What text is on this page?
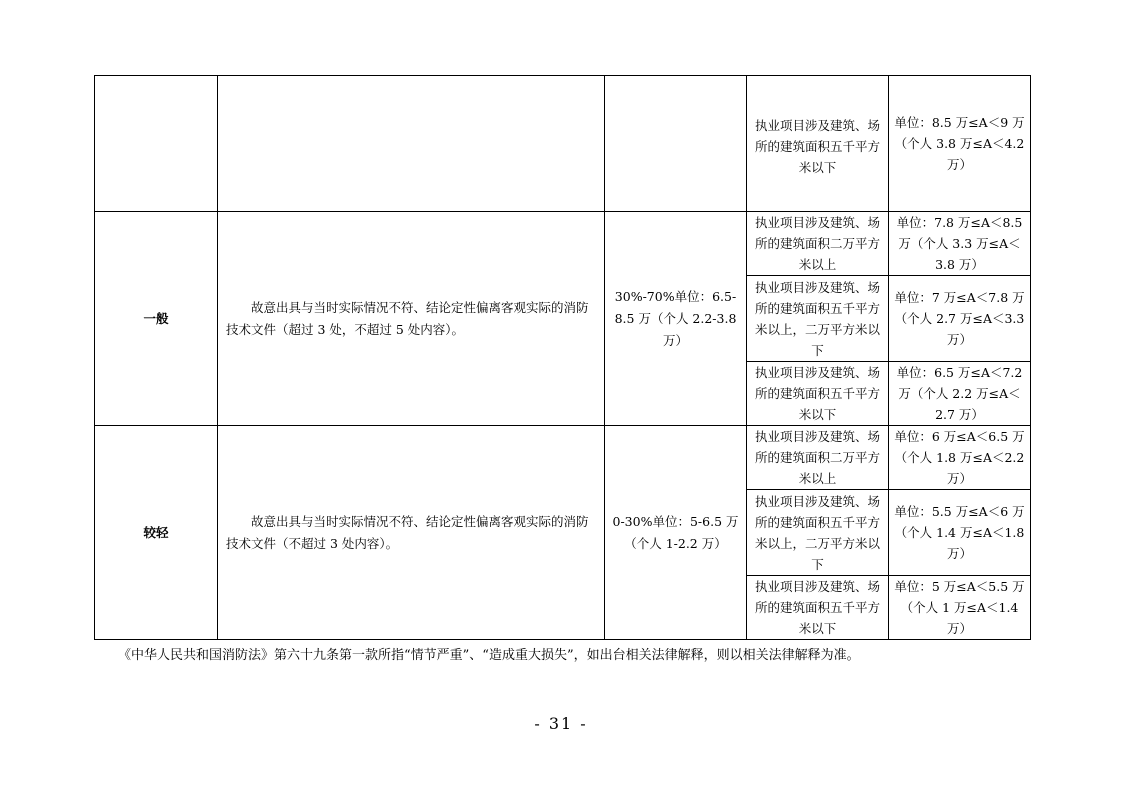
			执业项目涉及建筑、场所的建筑面积五千平方米以下	单位：8.5 万≤A＜9 万（个人 3.8 万≤A＜4.2 万）

一般	故意出具与当时实际情况不符、结论定性偏离客观实际的消防技术文件（超过 3 处，不超过 5 处内容）。	30%-70%单位：6.5-8.5 万（个人 2.2-3.8 万）	执业项目涉及建筑、场所的建筑面积二万平方米以上	单位：7.8 万≤A＜8.5 万（个人 3.3 万≤A＜3.8 万）

			执业项目涉及建筑、场所的建筑面积五千平方米以上，二万平方米以下	单位：7 万≤A＜7.8 万（个人 2.7 万≤A＜3.3 万）

			执业项目涉及建筑、场所的建筑面积五千平方米以下	单位：6.5 万≤A＜7.2 万（个人 2.2 万≤A＜2.7 万）

较轻	故意出具与当时实际情况不符、结论定性偏离客观实际的消防技术文件（不超过 3 处内容）。	0-30%单位：5-6.5 万（个人 1-2.2 万）	执业项目涉及建筑、场所的建筑面积二万平方米以上	单位：6 万≤A＜6.5 万（个人 1.8 万≤A＜2.2 万）

			执业项目涉及建筑、场所的建筑面积五千平方米以上，二万平方米以下	单位：5.5 万≤A＜6 万（个人 1.4 万≤A＜1.8 万）

			执业项目涉及建筑、场所的建筑面积五千平方米以下	单位：5 万≤A＜5.5 万（个人 1 万≤A＜1.4 万）
《中华人民共和国消防法》第六十九条第一款所指“情节严重”、“造成重大损失”，如出台相关法律解释，则以相关法律解释为准。
- 31 -
